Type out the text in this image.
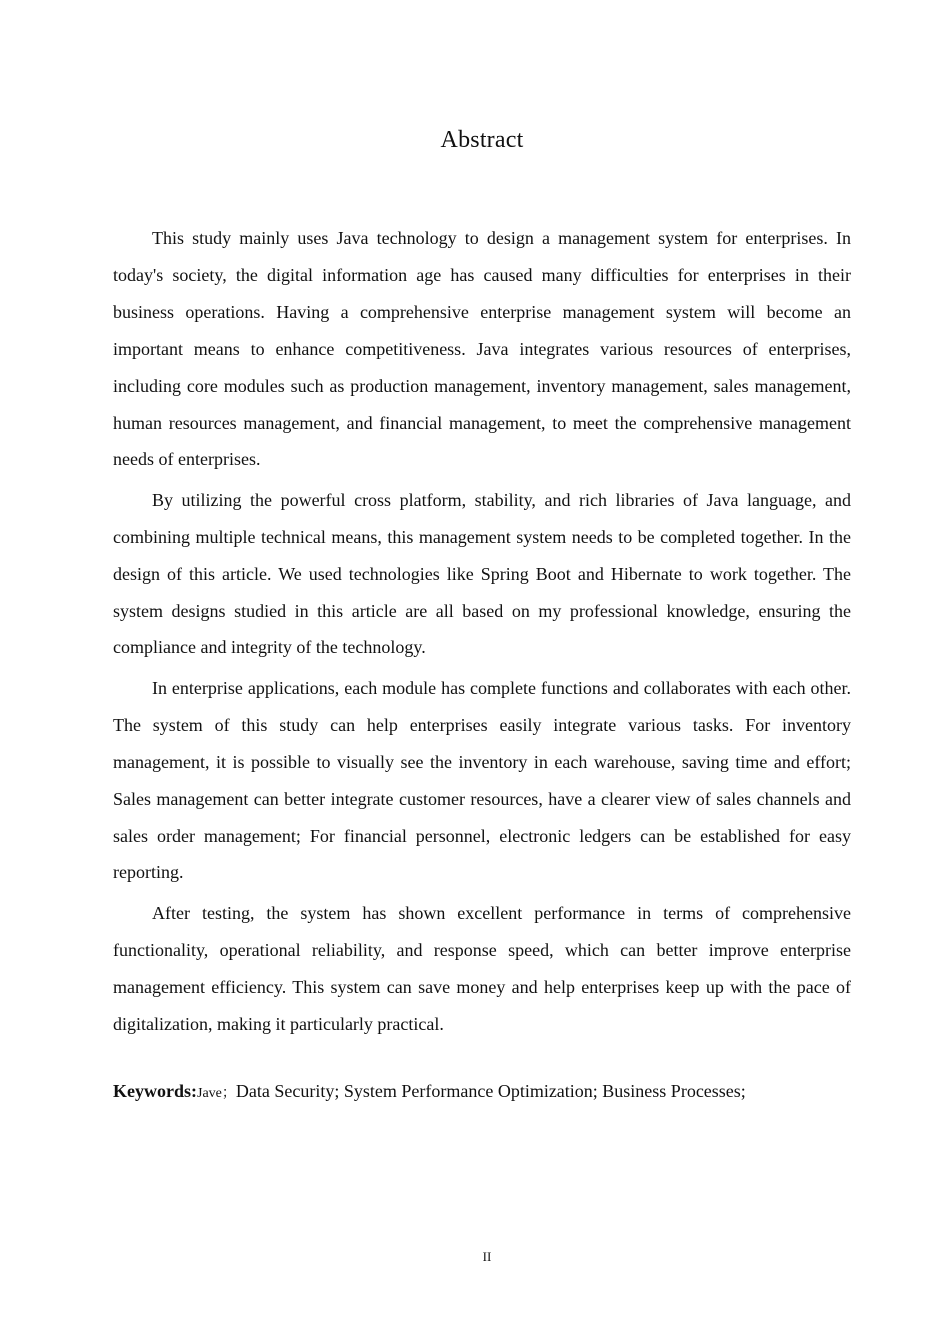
Abstract

This study mainly uses Java technology to design a management system for enterprises. In today's society, the digital information age has caused many difficulties for enterprises in their business operations. Having a comprehensive enterprise management system will become an important means to enhance competitiveness. Java integrates various resources of enterprises, including core modules such as production management, inventory management, sales management, human resources management, and financial management, to meet the comprehensive management needs of enterprises.

By utilizing the powerful cross platform, stability, and rich libraries of Java language, and combining multiple technical means, this management system needs to be completed together. In the design of this article. We used technologies like Spring Boot and Hibernate to work together. The system designs studied in this article are all based on my professional knowledge, ensuring the compliance and integrity of the technology.

In enterprise applications, each module has complete functions and collaborates with each other. The system of this study can help enterprises easily integrate various tasks. For inventory management, it is possible to visually see the inventory in each warehouse, saving time and effort; Sales management can better integrate customer resources, have a clearer view of sales channels and sales order management; For financial personnel, electronic ledgers can be established for easy reporting.

After testing, the system has shown excellent performance in terms of comprehensive functionality, operational reliability, and response speed, which can better improve enterprise management efficiency. This system can save money and help enterprises keep up with the pace of digitalization, making it particularly practical.

Keywords:Jave；Data Security; System Performance Optimization; Business Processes;
II
